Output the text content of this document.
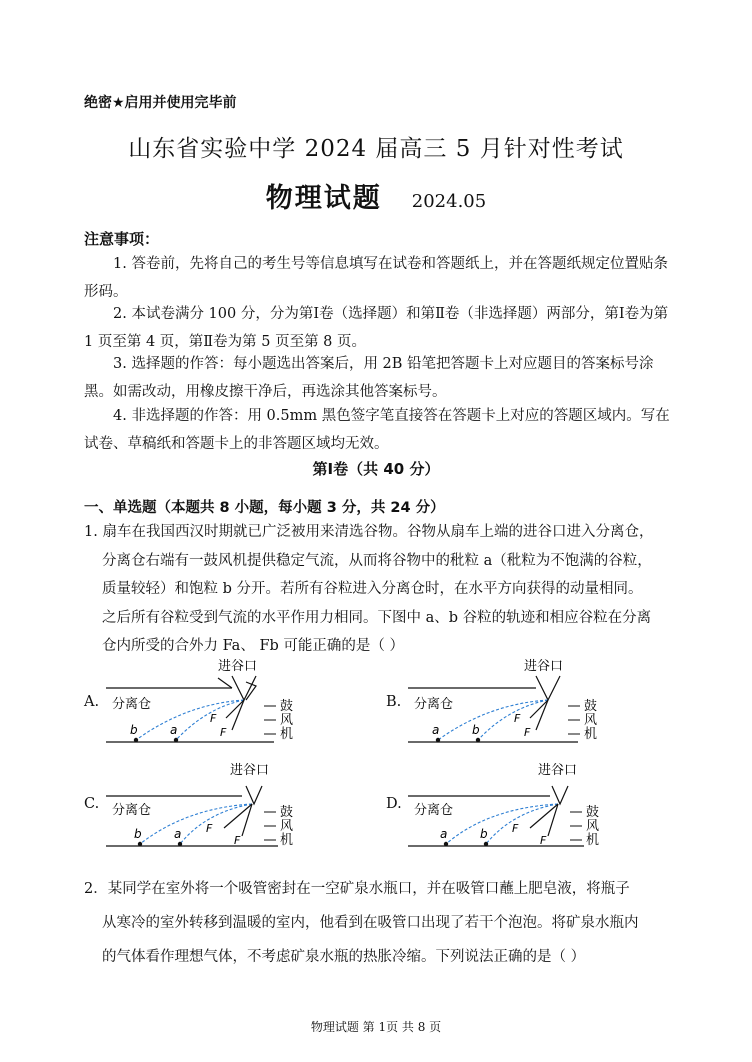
绝密★启用并使用完毕前
山东省实验中学 2024 届高三 5 月针对性考试
物理试题 2024.05
注意事项：
1. 答卷前，先将自己的考生号等信息填写在试卷和答题纸上，并在答题纸规定位置贴条形码。
2. 本试卷满分 100 分，分为第Ⅰ卷（选择题）和第Ⅱ卷（非选择题）两部分，第Ⅰ卷为第 1 页至第 4 页，第Ⅱ卷为第 5 页至第 8 页。
3. 选择题的作答：每小题选出答案后，用 2B 铅笔把答题卡上对应题目的答案标号涂黑。如需改动，用橡皮擦干净后，再选涂其他答案标号。
4. 非选择题的作答：用 0.5mm 黑色签字笔直接答在答题卡上对应的答题区域内。写在试卷、草稿纸和答题卡上的非答题区域均无效。
第Ⅰ卷（共 40 分）
一、单选题（本题共 8 小题，每小题 3 分，共 24 分）
1. 扇车在我国西汉时期就已广泛被用来清选谷物。谷物从扇车上端的进谷口进入分离仓，
分离仓右端有一鼓风机提供稳定气流，从而将谷物中的秕粒 a（秕粒为不饱满的谷粒，
质量较轻）和饱粒 b 分开。若所有谷粒进入分离仓时，在水平方向获得的动量相同。
之后所有谷粒受到气流的水平作用力相同。下图中 a、b 谷粒的轨迹和相应谷粒在分离
仓内所受的合外力 Fa、 Fb 可能正确的是（ ）
A.	B.
C.	D.
进谷口
分离仓
b	a
F
F
鼓
风
机
进谷口
分离仓
a	b
F
F
鼓
风
机
进谷口
分离仓
b	a F
F
鼓
风
机
进谷口
分离仓
a	b F
F
鼓
风
机
2．某同学在室外将一个吸管密封在一空矿泉水瓶口，并在吸管口蘸上肥皂液，将瓶子
从寒冷的室外转移到温暖的室内，他看到在吸管口出现了若干个泡泡。将矿泉水瓶内
的气体看作理想气体，不考虑矿泉水瓶的热胀冷缩。下列说法正确的是（ ）
物理试题 第 1页 共 8 页
